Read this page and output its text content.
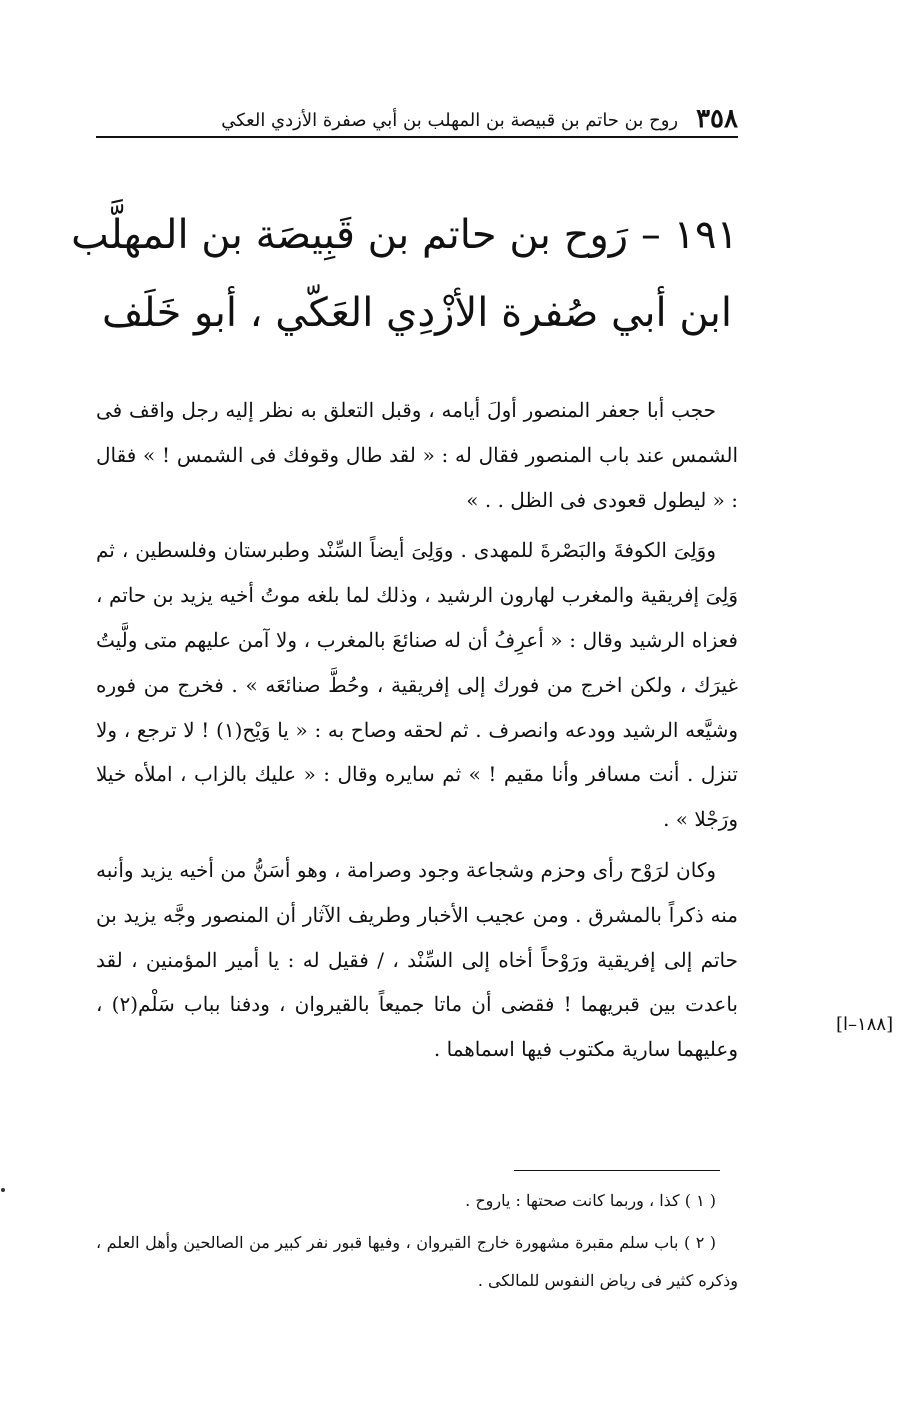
٣٥٨
روح بن حاتم بن قبيصة بن المهلب بن أبي صفرة الأزدي العكي
١٩١ – رَوح بن حاتم بن قَبِيصَة بن المهلَّب
ابن أبي صُفرة الأزْدِي العَكّي ، أبو خَلَف

حجب أبا جعفر المنصور أولَ أيامه ، وقبل التعلق به نظر إليه رجل واقف فى الشمس عند باب المنصور فقال له : « لقد طال وقوفك فى الشمس ! » فقال : « ليطول قعودى فى الظل . . »

ووَلِىَ الكوفةَ والبَصْرةَ للمهدى . ووَلِىَ أيضاً السِّنْد وطبرستان وفلسطين ، ثم وَلِىَ إفريقية والمغرب لهارون الرشيد ، وذلك لما بلغه موتُ أخيه يزيد بن حاتم ، فعزاه الرشيد وقال : « أعرِفُ أن له صنائعَ بالمغرب ، ولا آمن عليهم متى ولَّيتُ غيرَك ، ولكن اخرج من فورك إلى إفريقية ، وحُطَّ صنائعَه » . فخرج من فوره وشيَّعه الرشيد وودعه وانصرف . ثم لحقه وصاح به : « يا وَيْح(١) ! لا ترجع ، ولا تنزل . أنت مسافر وأنا مقيم ! » ثم سايره وقال : « عليك بالزاب ، املأه خيلا ورَجْلا » .

وكان لرَوْح رأى وحزم وشجاعة وجود وصرامة ، وهو أسَنُّ من أخيه يزيد وأنبه منه ذكراً بالمشرق . ومن عجيب الأخبار وطريف الآثار أن المنصور وجَّه يزيد بن حاتم إلى إفريقية ورَوْحاً أخاه إلى السِّنْد ، / فقيل له : يا أمير المؤمنين ، لقد باعدت بين قبريهما ! فقضى أن ماتا جميعاً بالقيروان ، ودفنا بباب سَلْم(٢) ، وعليهما سارية مكتوب فيها اسماهما .

[١٨٨–ا]

( ١ ) كذا ، وربما كانت صحتها : ياروح .

( ٢ ) باب سلم مقبرة مشهورة خارج القيروان ، وفيها قبور نفر كبير من الصالحين وأهل العلم ، وذكره كثير فى رياض النفوس للمالكى .
